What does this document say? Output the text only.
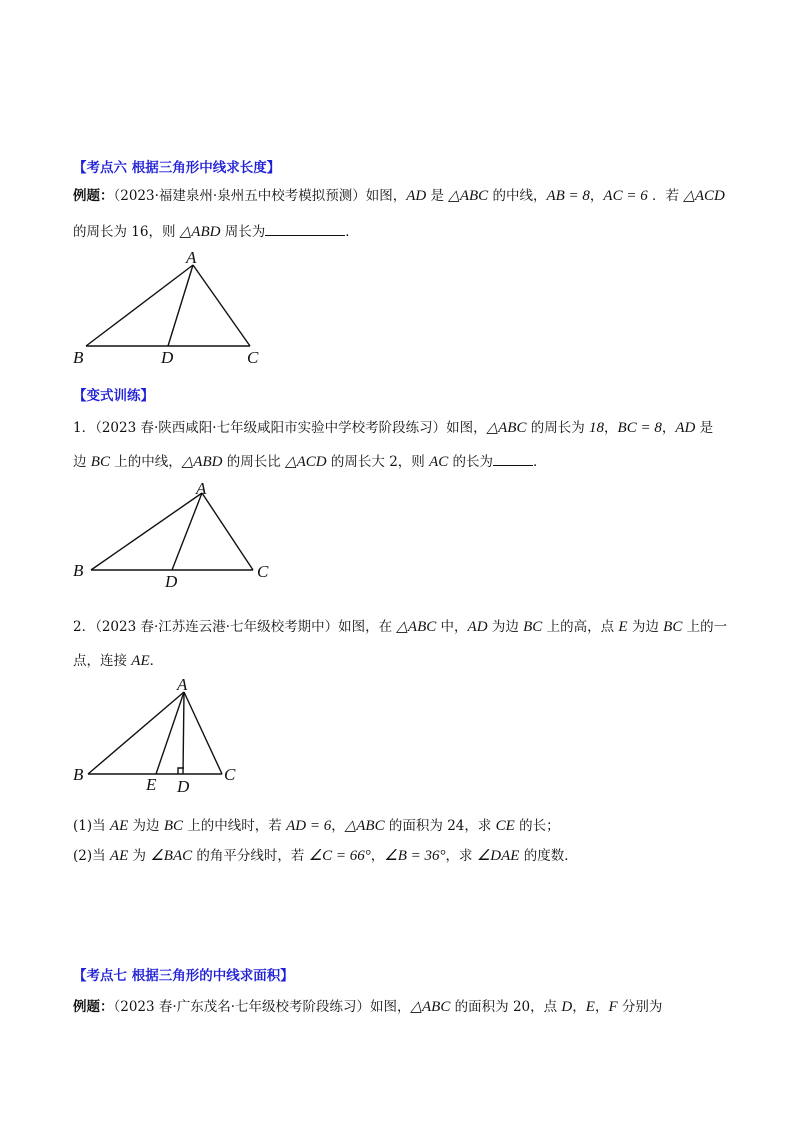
【考点六 根据三角形中线求长度】
例题：（2023·福建泉州·泉州五中校考模拟预测）如图，AD 是 △ABC 的中线，AB = 8，AC = 6 ．若 △ACD
的周长为 16，则 △ABD 周长为	．
A
B	D	C
【变式训练】
1．（2023 春·陕西咸阳·七年级咸阳市实验中学校考阶段练习）如图，△ABC 的周长为 18，BC = 8，AD 是
边 BC 上的中线，△ABD 的周长比 △ACD 的周长大 2，则 AC 的长为	．
A
B
D
C
2．（2023 春·江苏连云港·七年级校考期中）如图，在 △ABC 中，AD 为边 BC 上的高，点 E 为边 BC 上的一
点，连接 AE．
A
B
E D
C
(1)当 AE 为边 BC 上的中线时，若 AD = 6，△ABC 的面积为 24，求 CE 的长；
(2)当 AE 为 ∠BAC 的角平分线时，若 ∠C = 66°，∠B = 36°，求 ∠DAE 的度数．
【考点七 根据三角形的中线求面积】
例题：（2023 春·广东茂名·七年级校考阶段练习）如图，△ABC 的面积为 20，点 D，E，F 分别为
